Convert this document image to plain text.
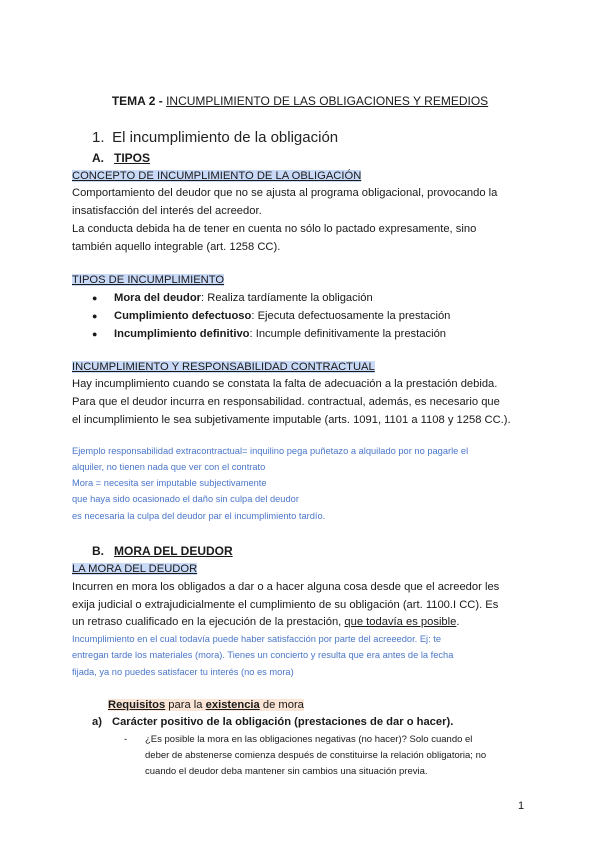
TEMA 2 - INCUMPLIMIENTO DE LAS OBLIGACIONES Y REMEDIOS
1. El incumplimiento de la obligación
A. TIPOS
CONCEPTO DE INCUMPLIMIENTO DE LA OBLIGACIÓN
Comportamiento del deudor que no se ajusta al programa obligacional, provocando la
insatisfacción del interés del acreedor.
La conducta debida ha de tener en cuenta no sólo lo pactado expresamente, sino
también aquello integrable (art. 1258 CC).
TIPOS DE INCUMPLIMIENTO
● Mora del deudor: Realiza tardíamente la obligación
● Cumplimiento defectuoso: Ejecuta defectuosamente la prestación
● Incumplimiento definitivo: Incumple definitivamente la prestación
INCUMPLIMIENTO Y RESPONSABILIDAD CONTRACTUAL
Hay incumplimiento cuando se constata la falta de adecuación a la prestación debida.
Para que el deudor incurra en responsabilidad. contractual, además, es necesario que
el incumplimiento le sea subjetivamente imputable (arts. 1091, 1101 a 1108 y 1258 CC.).
Ejemplo responsabilidad extracontractual= inquilino pega puñetazo a alquilado por no pagarle el
alquiler, no tienen nada que ver con el contrato
Mora = necesita ser imputable subjectivamente
que haya sido ocasionado el daño sin culpa del deudor
es necesaria la culpa del deudor par el incumplimiento tardío.
B. MORA DEL DEUDOR
LA MORA DEL DEUDOR
Incurren en mora los obligados a dar o a hacer alguna cosa desde que el acreedor les
exija judicial o extrajudicialmente el cumplimiento de su obligación (art. 1100.I CC). Es
un retraso cualificado en la ejecución de la prestación, que todavía es posible.
Incumplimiento en el cual todavía puede haber satisfacción por parte del acreeedor. Ej: te
entregan tarde los materiales (mora). Tienes un concierto y resulta que era antes de la fecha
fijada, ya no puedes satisfacer tu interés (no es mora)
Requisitos para la existencia de mora
a) Carácter positivo de la obligación (prestaciones de dar o hacer).
- ¿Es posible la mora en las obligaciones negativas (no hacer)? Solo cuando el
deber de abstenerse comienza después de constituirse la relación obligatoria; no
cuando el deudor deba mantener sin cambios una situación previa.
1
